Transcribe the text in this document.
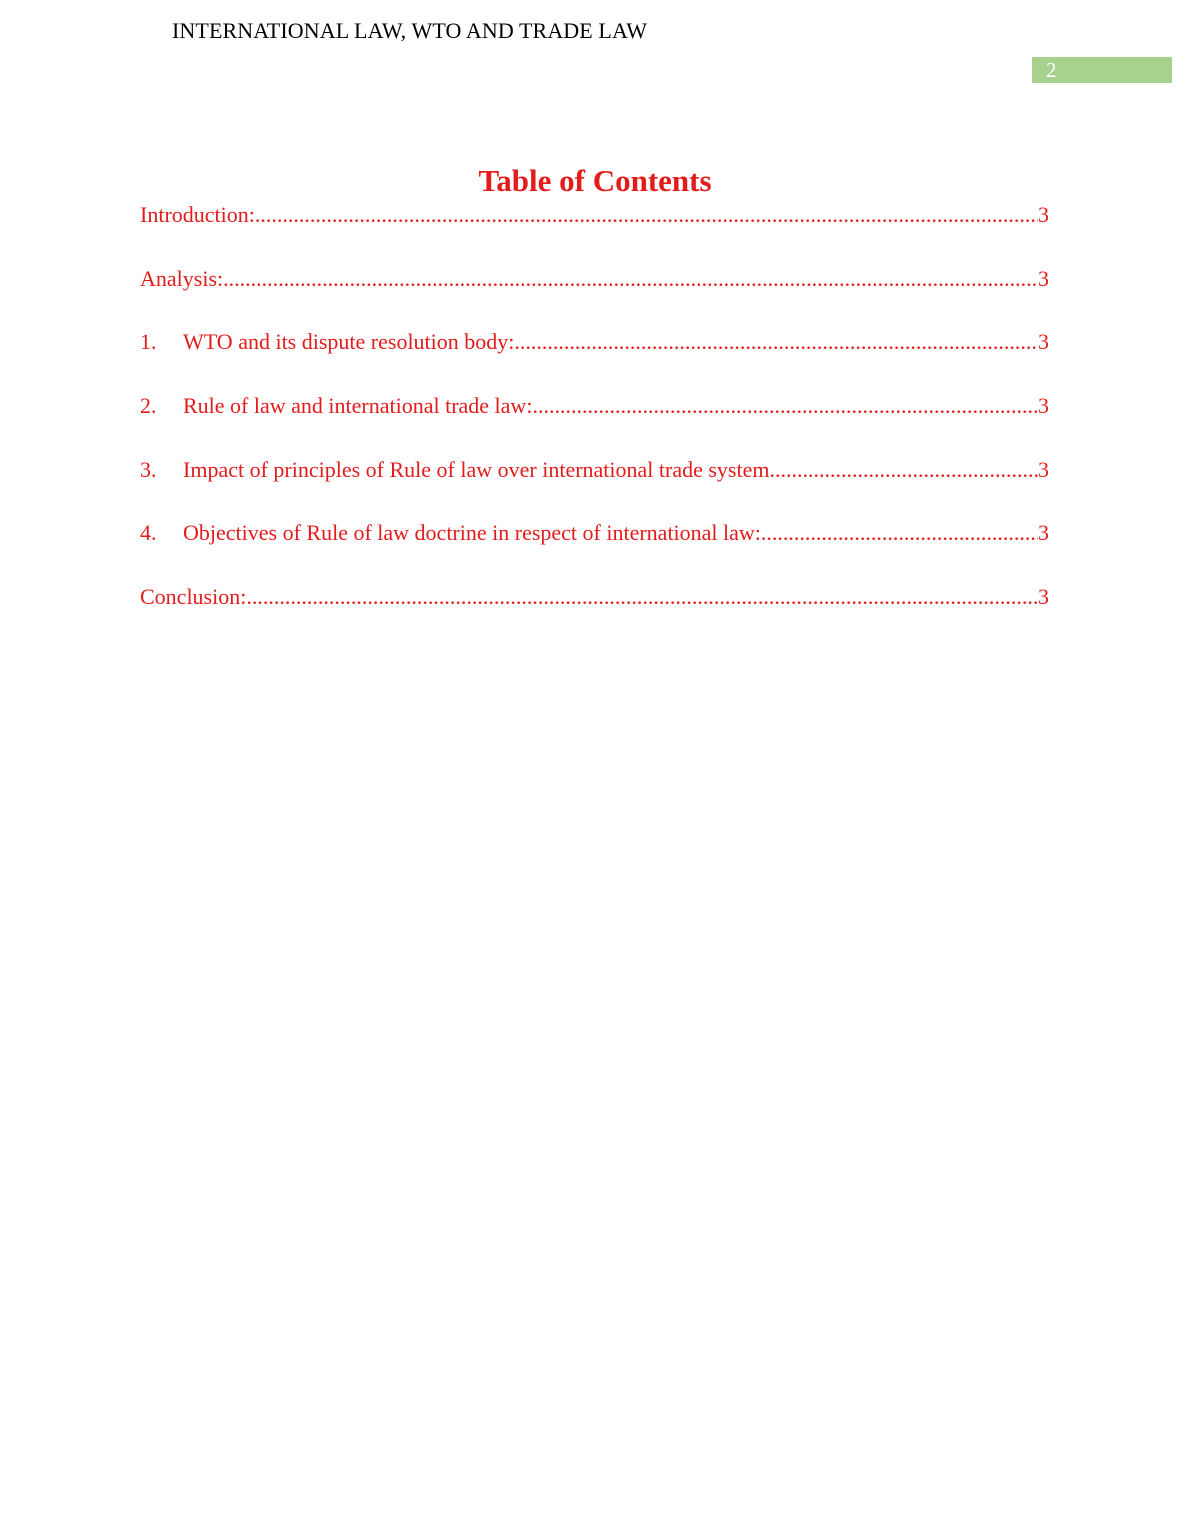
INTERNATIONAL LAW, WTO AND TRADE LAW
2
Table of Contents
Introduction: .....	3
Analysis: .....	3
1.	WTO and its dispute resolution body: .....	3
2.	Rule of law and international trade law: .....	3
3.	Impact of principles of Rule of law over international trade system .....	3
4.	Objectives of Rule of law doctrine in respect of international law: .....	3
Conclusion: .....	3
